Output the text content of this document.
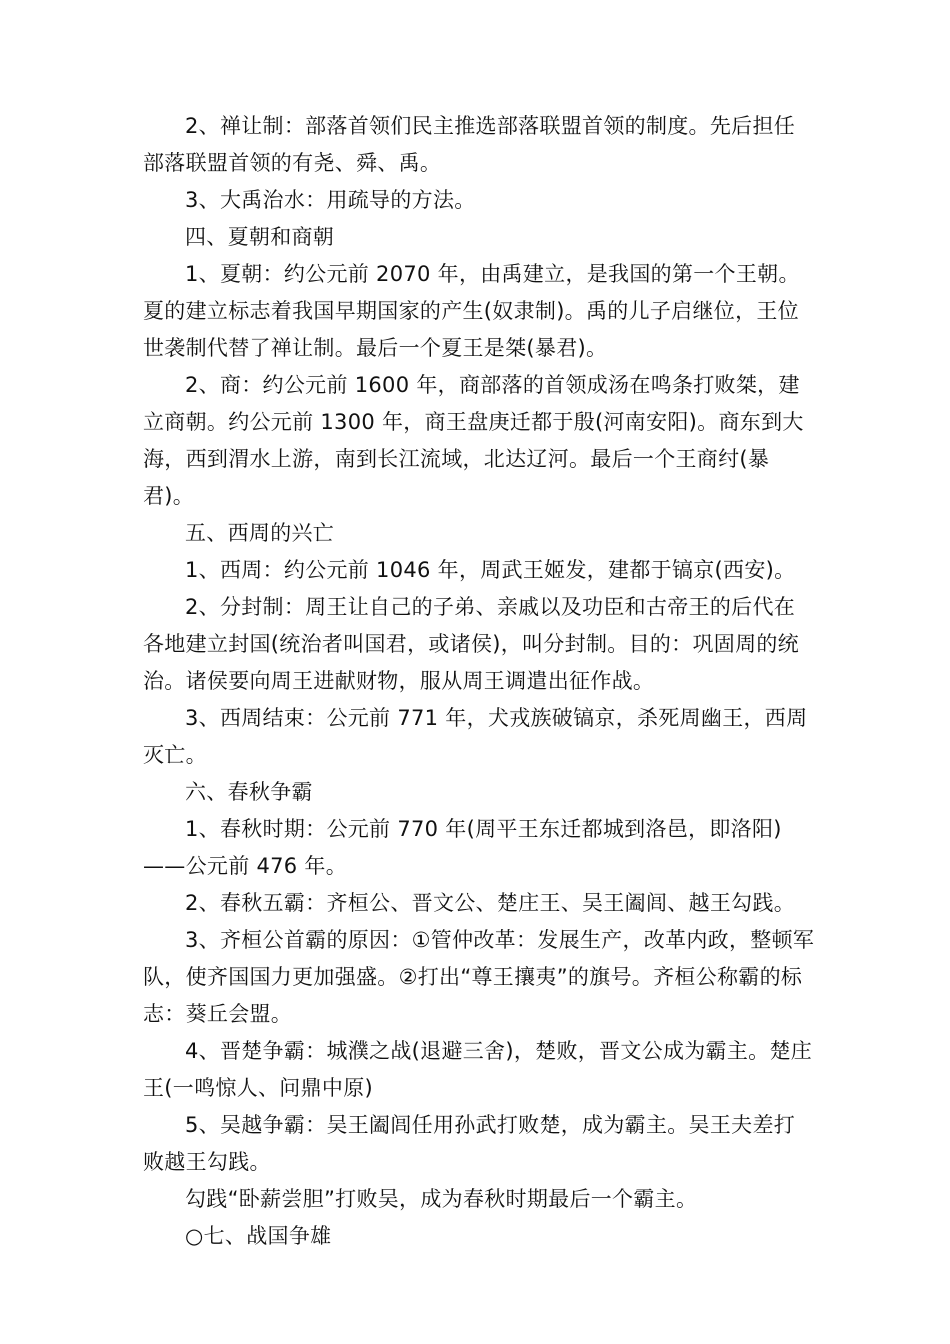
2、禅让制：部落首领们民主推选部落联盟首领的制度。先后担任部落联盟首领的有尧、舜、禹。

3、大禹治水：用疏导的方法。

四、夏朝和商朝

1、夏朝：约公元前 2070 年，由禹建立，是我国的第一个王朝。夏的建立标志着我国早期国家的产生(奴隶制)。禹的儿子启继位，王位世袭制代替了禅让制。最后一个夏王是桀(暴君)。

2、商：约公元前 1600 年，商部落的首领成汤在鸣条打败桀，建立商朝。约公元前 1300 年，商王盘庚迁都于殷(河南安阳)。商东到大海，西到渭水上游，南到长江流域，北达辽河。最后一个王商纣(暴君)。

五、西周的兴亡

1、西周：约公元前 1046 年，周武王姬发，建都于镐京(西安)。

2、分封制：周王让自己的子弟、亲戚以及功臣和古帝王的后代在各地建立封国(统治者叫国君，或诸侯)，叫分封制。目的：巩固周的统治。诸侯要向周王进献财物，服从周王调遣出征作战。

3、西周结束：公元前 771 年，犬戎族破镐京，杀死周幽王，西周灭亡。

六、春秋争霸

1、春秋时期：公元前 770 年(周平王东迁都城到洛邑，即洛阳)——公元前 476 年。

2、春秋五霸：齐桓公、晋文公、楚庄王、吴王阖闾、越王勾践。

3、齐桓公首霸的原因：①管仲改革：发展生产，改革内政，整顿军队，使齐国国力更加强盛。②打出“尊王攘夷”的旗号。齐桓公称霸的标志：葵丘会盟。

4、晋楚争霸：城濮之战(退避三舍)，楚败，晋文公成为霸主。楚庄王(一鸣惊人、问鼎中原)

5、吴越争霸：吴王阖闾任用孙武打败楚，成为霸主。吴王夫差打败越王勾践。

勾践“卧薪尝胆”打败吴，成为春秋时期最后一个霸主。

○七、战国争雄
